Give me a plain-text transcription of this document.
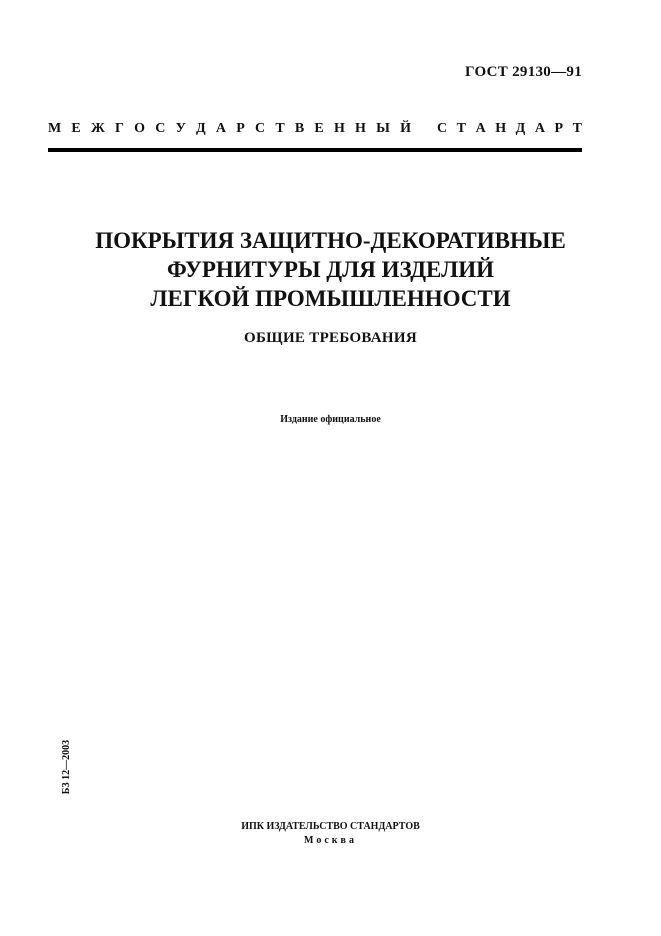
ГОСТ 29130—91
М Е Ж Г О С У Д А Р С Т В Е Н Н Ы Й С Т А Н Д А Р Т
ПОКРЫТИЯ ЗАЩИТНО-ДЕКОРАТИВНЫЕ
ФУРНИТУРЫ ДЛЯ ИЗДЕЛИЙ
ЛЕГКОЙ ПРОМЫШЛЕННОСТИ
ОБЩИЕ ТРЕБОВАНИЯ
Издание официальное
БЗ 12—2003
ИПК ИЗДАТЕЛЬСТВО СТАНДАРТОВ
Москва
